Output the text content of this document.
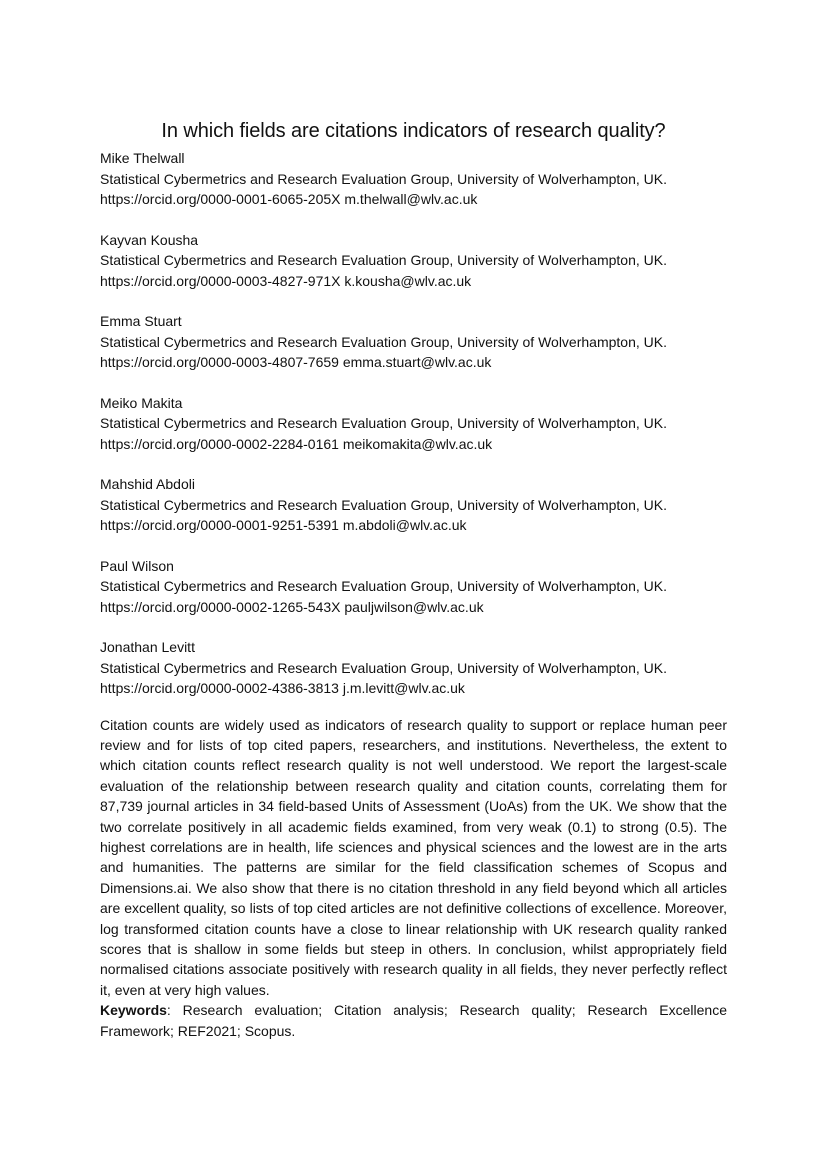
In which fields are citations indicators of research quality?
Mike Thelwall
Statistical Cybermetrics and Research Evaluation Group, University of Wolverhampton, UK.
https://orcid.org/0000-0001-6065-205X m.thelwall@wlv.ac.uk
Kayvan Kousha
Statistical Cybermetrics and Research Evaluation Group, University of Wolverhampton, UK.
https://orcid.org/0000-0003-4827-971X k.kousha@wlv.ac.uk
Emma Stuart
Statistical Cybermetrics and Research Evaluation Group, University of Wolverhampton, UK.
https://orcid.org/0000-0003-4807-7659 emma.stuart@wlv.ac.uk
Meiko Makita
Statistical Cybermetrics and Research Evaluation Group, University of Wolverhampton, UK.
https://orcid.org/0000-0002-2284-0161 meikomakita@wlv.ac.uk
Mahshid Abdoli
Statistical Cybermetrics and Research Evaluation Group, University of Wolverhampton, UK.
https://orcid.org/0000-0001-9251-5391 m.abdoli@wlv.ac.uk
Paul Wilson
Statistical Cybermetrics and Research Evaluation Group, University of Wolverhampton, UK.
https://orcid.org/0000-0002-1265-543X pauljwilson@wlv.ac.uk
Jonathan Levitt
Statistical Cybermetrics and Research Evaluation Group, University of Wolverhampton, UK.
https://orcid.org/0000-0002-4386-3813 j.m.levitt@wlv.ac.uk

Citation counts are widely used as indicators of research quality to support or replace human peer review and for lists of top cited papers, researchers, and institutions. Nevertheless, the extent to which citation counts reflect research quality is not well understood. We report the largest-scale evaluation of the relationship between research quality and citation counts, correlating them for 87,739 journal articles in 34 field-based Units of Assessment (UoAs) from the UK. We show that the two correlate positively in all academic fields examined, from very weak (0.1) to strong (0.5). The highest correlations are in health, life sciences and physical sciences and the lowest are in the arts and humanities. The patterns are similar for the field classification schemes of Scopus and Dimensions.ai. We also show that there is no citation threshold in any field beyond which all articles are excellent quality, so lists of top cited articles are not definitive collections of excellence. Moreover, log transformed citation counts have a close to linear relationship with UK research quality ranked scores that is shallow in some fields but steep in others. In conclusion, whilst appropriately field normalised citations associate positively with research quality in all fields, they never perfectly reflect it, even at very high values.

Keywords: Research evaluation; Citation analysis; Research quality; Research Excellence Framework; REF2021; Scopus.
